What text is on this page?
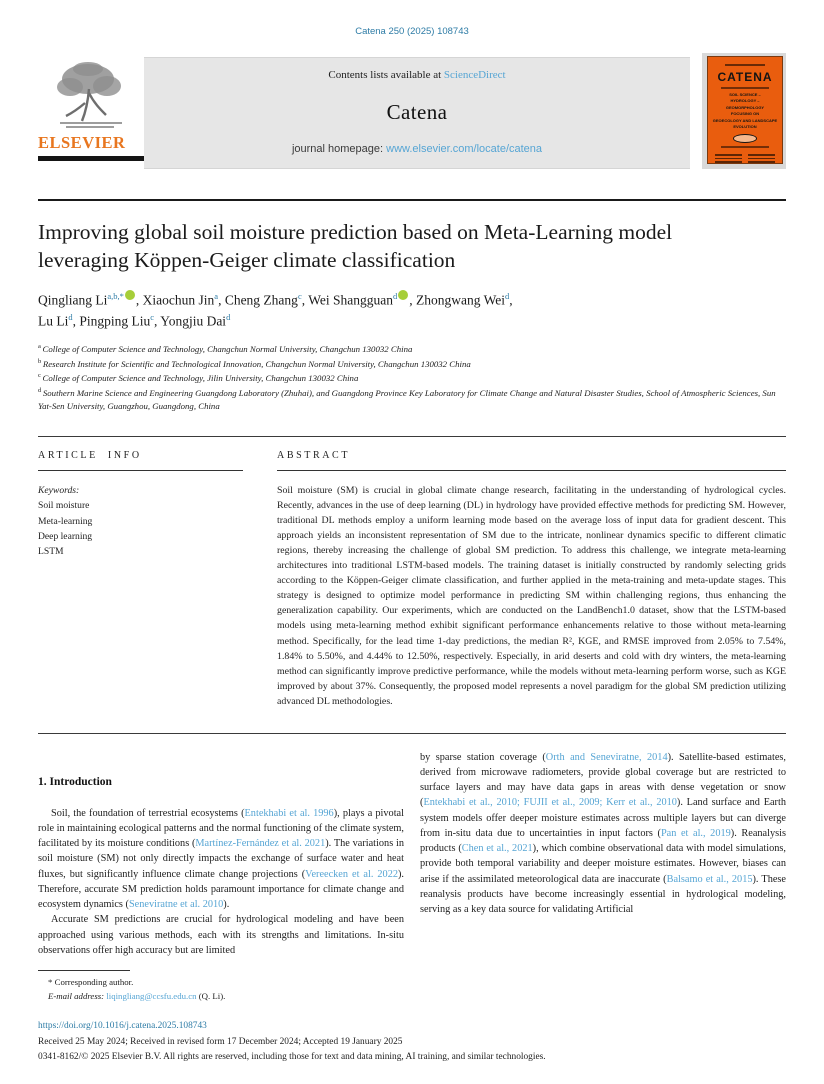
Catena 250 (2025) 108743
ELSEVIER
Contents lists available at ScienceDirect
Catena
journal homepage: www.elsevier.com/locate/catena
CATENA
SOIL SCIENCE –
HYDROLOGY – GEOMORPHOLOGY
FOCUSING ON
GEOECOLOGY AND LANDSCAPE EVOLUTION
Improving global soil moisture prediction based on Meta-Learning model leveraging Köppen-Geiger climate classification
Qingliang $Li^{a,b,*}$ , Xiaochun Jin$^a$, Cheng Zhang$^c$, Wei Shangguan$^d$ , Zhongwang Wei$^d$,
Lu Li$^d$, Pingping Liu$^c$, Yongjiu Dai$^d$
$^a$ College of Computer Science and Technology, Changchun Normal University, Changchun 130032 China
$^b$ Research Institute for Scientific and Technological Innovation, Changchun Normal University, Changchun 130032 China
$^c$ College of Computer Science and Technology, Jilin University, Changchun 130032 China
$^d$ Southern Marine Science and Engineering Guangdong Laboratory (Zhuhai), and Guangdong Province Key Laboratory for Climate Change and Natural Disaster Studies, School of Atmospheric Sciences, Sun Yat-Sen University, Guangzhou, Guangdong, China
ARTICLE INFO
Keywords:
Soil moisture
Meta-learning
Deep learning
LSTM
ABSTRACT
Soil moisture (SM) is crucial in global climate change research, facilitating in the understanding of hydrological cycles. Recently, advances in the use of deep learning (DL) in hydrology have provided effective methods for predicting SM. However, traditional DL methods employ a uniform learning mode based on the average loss of input data for gradient descent. This approach yields an inconsistent representation of SM due to the intricate, nonlinear dynamics specific to different climatic regions, thereby increasing the challenge of global SM prediction. To address this challenge, we integrate meta-learning architectures into traditional LSTM-based models. The training dataset is initially constructed by randomly selecting grids according to the Köppen-Geiger climate classification, and further applied in the meta-training and meta-update stages. This strategy is designed to optimize model performance in predicting SM within challenging regions, thus enhancing the generalization capability. Our experiments, which are conducted on the LandBench1.0 dataset, show that the LSTM-based models using meta-learning method exhibit significant performance enhancements relative to those without meta-learning method. Specifically, for the lead time 1-day predictions, the median R², KGE, and RMSE improved from 2.05% to 7.54%, 1.84% to 5.50%, and 4.44% to 12.50%, respectively. Especially, in arid deserts and cold with dry winters, the meta-learning method can significantly improve predictive performance, while the models without meta-learning perform worse, such as KGE improved by about 37%. Consequently, the proposed model represents a novel paradigm for the global SM prediction utilizing advanced DL methodologies.
1. Introduction

Soil, the foundation of terrestrial ecosystems (Entekhabi et al. 1996), plays a pivotal role in maintaining ecological patterns and the normal functioning of the climate system, facilitated by its moisture conditions (Martínez-Fernández et al. 2021). The variations in soil moisture (SM) not only directly impacts the exchange of surface water and heat fluxes, but significantly influence climate change projections (Vereecken et al. 2022). Therefore, accurate SM prediction holds paramount importance for climate change and ecosystem dynamics (Seneviratne et al. 2010).

Accurate SM predictions are crucial for hydrological modeling and have been approached using various methods, each with its strengths and limitations. In-situ observations offer high accuracy but are limited

* Corresponding author.
E-mail address: liqingliang@ccsfu.edu.cn (Q. Li).

by sparse station coverage (Orth and Seneviratne, 2014). Satellite-based estimates, derived from microwave radiometers, provide global coverage but are restricted to surface layers and may have data gaps in areas with dense vegetation or snow (Entekhabi et al., 2010; FUJII et al., 2009; Kerr et al., 2010). Land surface and Earth system models offer deeper moisture estimates across multiple layers but can diverge from in-situ data due to uncertainties in input factors (Pan et al., 2019). Reanalysis products (Chen et al., 2021), which combine observational data with model simulations, provide both temporal variability and deeper moisture estimates. However, biases can arise if the assimilated meteorological data are inaccurate (Balsamo et al., 2015). These reanalysis products have become increasingly essential in hydrological modeling, serving as a key data source for validating Artificial

https://doi.org/10.1016/j.catena.2025.108743
Received 25 May 2024; Received in revised form 17 December 2024; Accepted 19 January 2025
0341-8162/© 2025 Elsevier B.V. All rights are reserved, including those for text and data mining, AI training, and similar technologies.
